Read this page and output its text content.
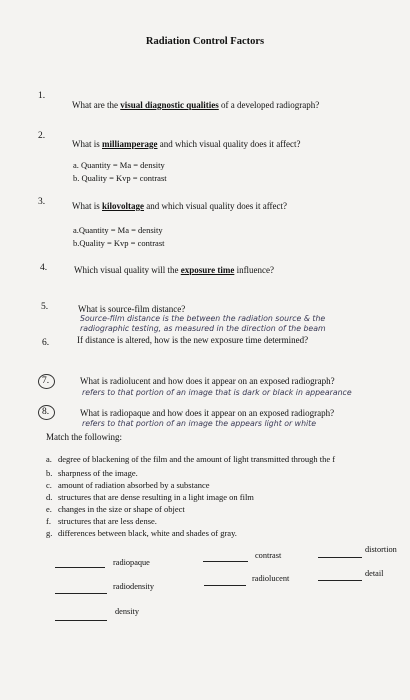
Radiation Control Factors
1.
What are the visual diagnostic qualities of a developed radiograph?
2.
What is milliamperage and which visual quality does it affect?
a. Quantity = Ma = density
b. Quality = Kvp = contrast
3.	What is kilovoltage and which visual quality does it affect?
a.Quantity = Ma = density
b.Quality = Kvp = contrast
4.	Which visual quality will the exposure time influence?
5.	What is source-film distance?
Source-film distance is the between the radiation source & the
radiographic testing, as measured in the direction of the beam
6.	If distance is altered, how is the new exposure time determined?
7.	What is radiolucent and how does it appear on an exposed radiograph?
refers to that portion of an image that is dark or black in appearance
8.	What is radiopaque and how does it appear on an exposed radiograph?
refers to that portion of an image the appears light or white
Match the following:
a. degree of blackening of the film and the amount of light transmitted through the f
b. sharpness of the image.
c. amount of radiation absorbed by a substance
d. structures that are dense resulting in a light image on film
e. changes in the size or shape of object
f. structures that are less dense.
g. differences between black, white and shades of gray.
radiopaque
contrast
distortion
radiodensity
radiolucent
detail
density
